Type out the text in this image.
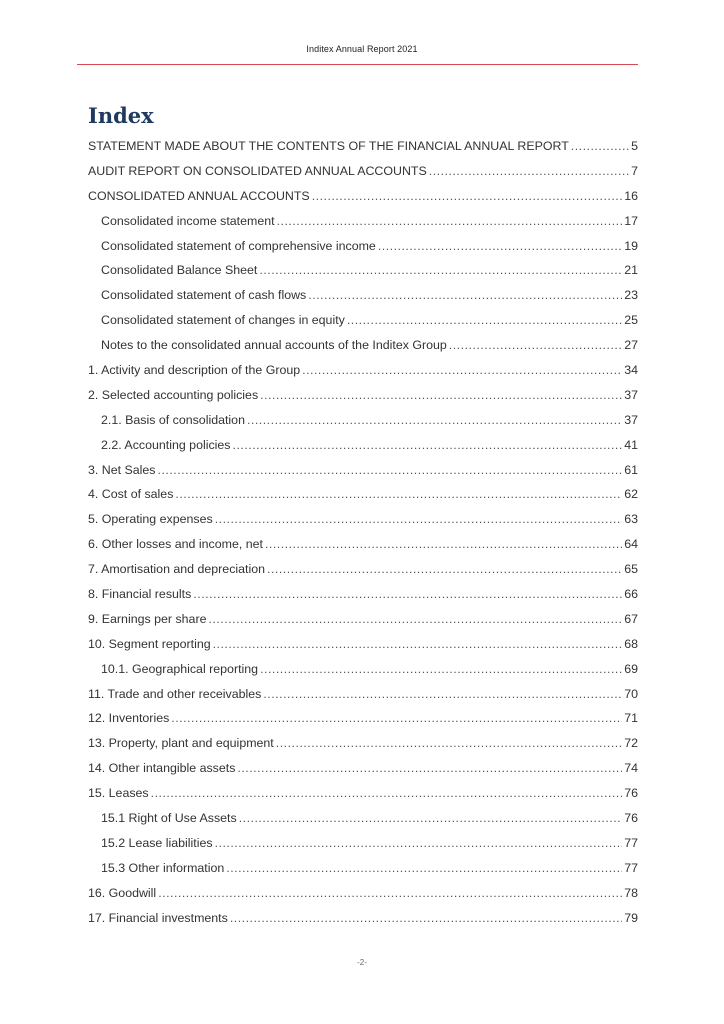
Inditex Annual Report 2021
Index
STATEMENT MADE ABOUT THE CONTENTS OF THE FINANCIAL ANNUAL REPORT .....	5
AUDIT REPORT ON CONSOLIDATED ANNUAL ACCOUNTS .....	7
CONSOLIDATED ANNUAL ACCOUNTS .....	16
Consolidated income statement .....	17
Consolidated statement of comprehensive income .....	19
Consolidated Balance Sheet .....	21
Consolidated statement of cash flows .....	23
Consolidated statement of changes in equity .....	25
Notes to the consolidated annual accounts of the Inditex Group .....	27
1. Activity and description of the Group .....	34
2. Selected accounting policies .....	37
2.1. Basis of consolidation .....	37
2.2. Accounting policies .....	41
3. Net Sales .....	61
4. Cost of sales .....	62
5. Operating expenses .....	63
6. Other losses and income, net .....	64
7. Amortisation and depreciation .....	65
8. Financial results .....	66
9. Earnings per share .....	67
10. Segment reporting .....	68
10.1. Geographical reporting .....	69
11. Trade and other receivables .....	70
12. Inventories .....	71
13. Property, plant and equipment .....	72
14. Other intangible assets .....	74
15. Leases .....	76
15.1 Right of Use Assets .....	76
15.2 Lease liabilities .....	77
15.3 Other information .....	77
16. Goodwill .....	78
17. Financial investments .....	79
-2-
